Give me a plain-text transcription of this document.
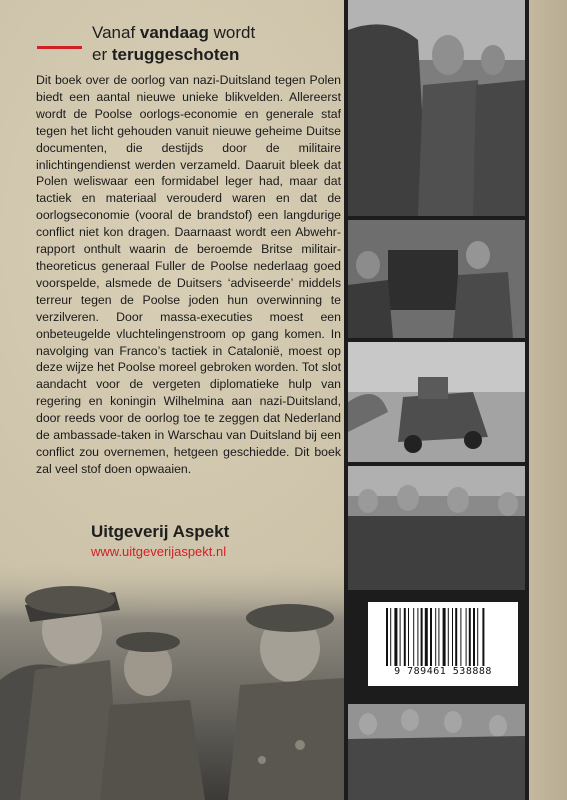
Vanaf vandaag wordt
er teruggeschoten

Dit boek over de oorlog van nazi-Duitsland tegen Polen biedt een aantal nieuwe unieke blikvelden. Allereerst wordt de Poolse oorlogs-economie en generale staf tegen het licht gehouden vanuit nieuwe geheime Duitse documenten, die destijds door de militaire inlichtingendienst werden verzameld. Daaruit bleek dat Polen weliswaar een formidabel leger had, maar dat tactiek en materiaal verouderd waren en dat de oorlogseconomie (vooral de brandstof) een langdurige conflict niet kon dragen. Daarnaast wordt een Abwehr-rapport onthult waarin de beroemde Britse militair-theoreticus generaal Fuller de Poolse nederlaag goed voorspelde, alsmede de Duitsers ‘adviseerde’ middels terreur tegen de Poolse joden hun overwinning te verzilveren. Door massa-executies moest een onbeteugelde vluchtelingenstroom op gang komen. In navolging van Franco’s tactiek in Catalonië, moest op deze wijze het Poolse moreel gebroken worden. Tot slot aandacht voor de vergeten diplomatieke hulp van regering en koningin Wilhelmina aan nazi-Duitsland, door reeds voor de oorlog toe te zeggen dat Nederland de ambassade-taken in Warschau van Duitsland bij een conflict zou overnemen, hetgeen geschiedde. Dit boek zal veel stof doen opwaaien.

Uitgeverij Aspekt
www.uitgeverijaspekt.nl
9 789461 538888
